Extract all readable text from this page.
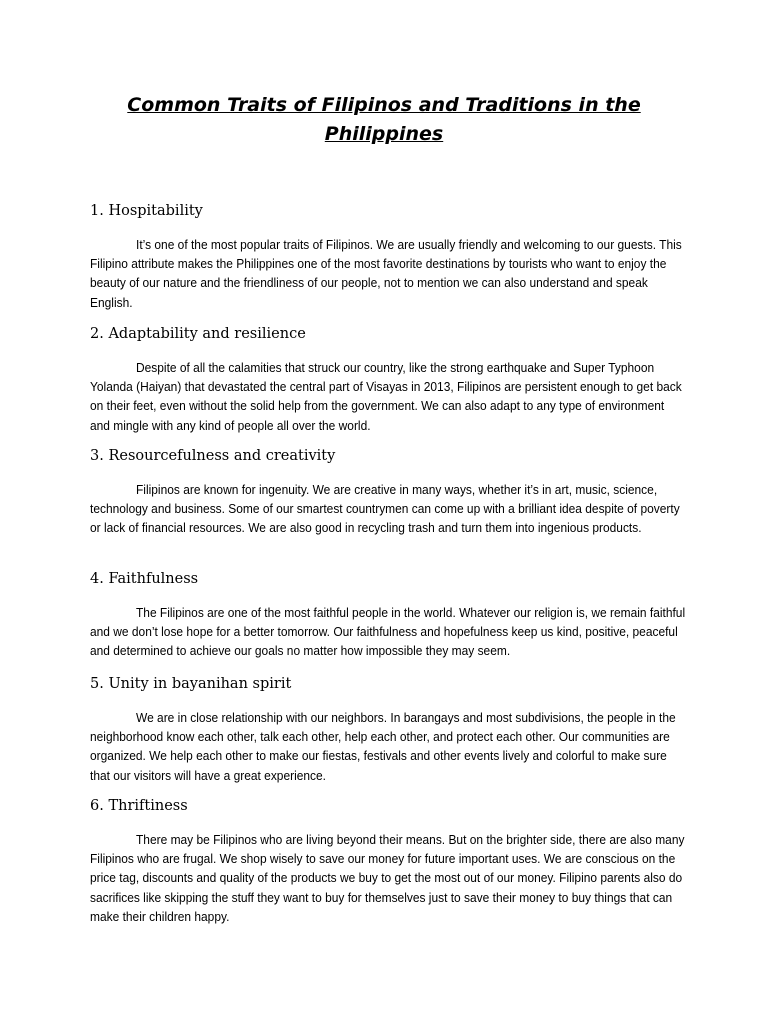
Common Traits of Filipinos and Traditions in the Philippines
1. Hospitability

It’s one of the most popular traits of Filipinos. We are usually friendly and welcoming to our guests. This Filipino attribute makes the Philippines one of the most favorite destinations by tourists who want to enjoy the beauty of our nature and the friendliness of our people, not to mention we can also understand and speak English.

2. Adaptability and resilience

Despite of all the calamities that struck our country, like the strong earthquake and Super Typhoon Yolanda (Haiyan) that devastated the central part of Visayas in 2013, Filipinos are persistent enough to get back on their feet, even without the solid help from the government. We can also adapt to any type of environment and mingle with any kind of people all over the world.

3. Resourcefulness and creativity

Filipinos are known for ingenuity. We are creative in many ways, whether it’s in art, music, science, technology and business. Some of our smartest countrymen can come up with a brilliant idea despite of poverty or lack of financial resources. We are also good in recycling trash and turn them into ingenious products.

4. Faithfulness

The Filipinos are one of the most faithful people in the world. Whatever our religion is, we remain faithful and we don’t lose hope for a better tomorrow. Our faithfulness and hopefulness keep us kind, positive, peaceful and determined to achieve our goals no matter how impossible they may seem.

5. Unity in bayanihan spirit

We are in close relationship with our neighbors. In barangays and most subdivisions, the people in the neighborhood know each other, talk each other, help each other, and protect each other. Our communities are organized. We help each other to make our fiestas, festivals and other events lively and colorful to make sure that our visitors will have a great experience.

6. Thriftiness

There may be Filipinos who are living beyond their means. But on the brighter side, there are also many Filipinos who are frugal. We shop wisely to save our money for future important uses. We are conscious on the price tag, discounts and quality of the products we buy to get the most out of our money. Filipino parents also do sacrifices like skipping the stuff they want to buy for themselves just to save their money to buy things that can make their children happy.
